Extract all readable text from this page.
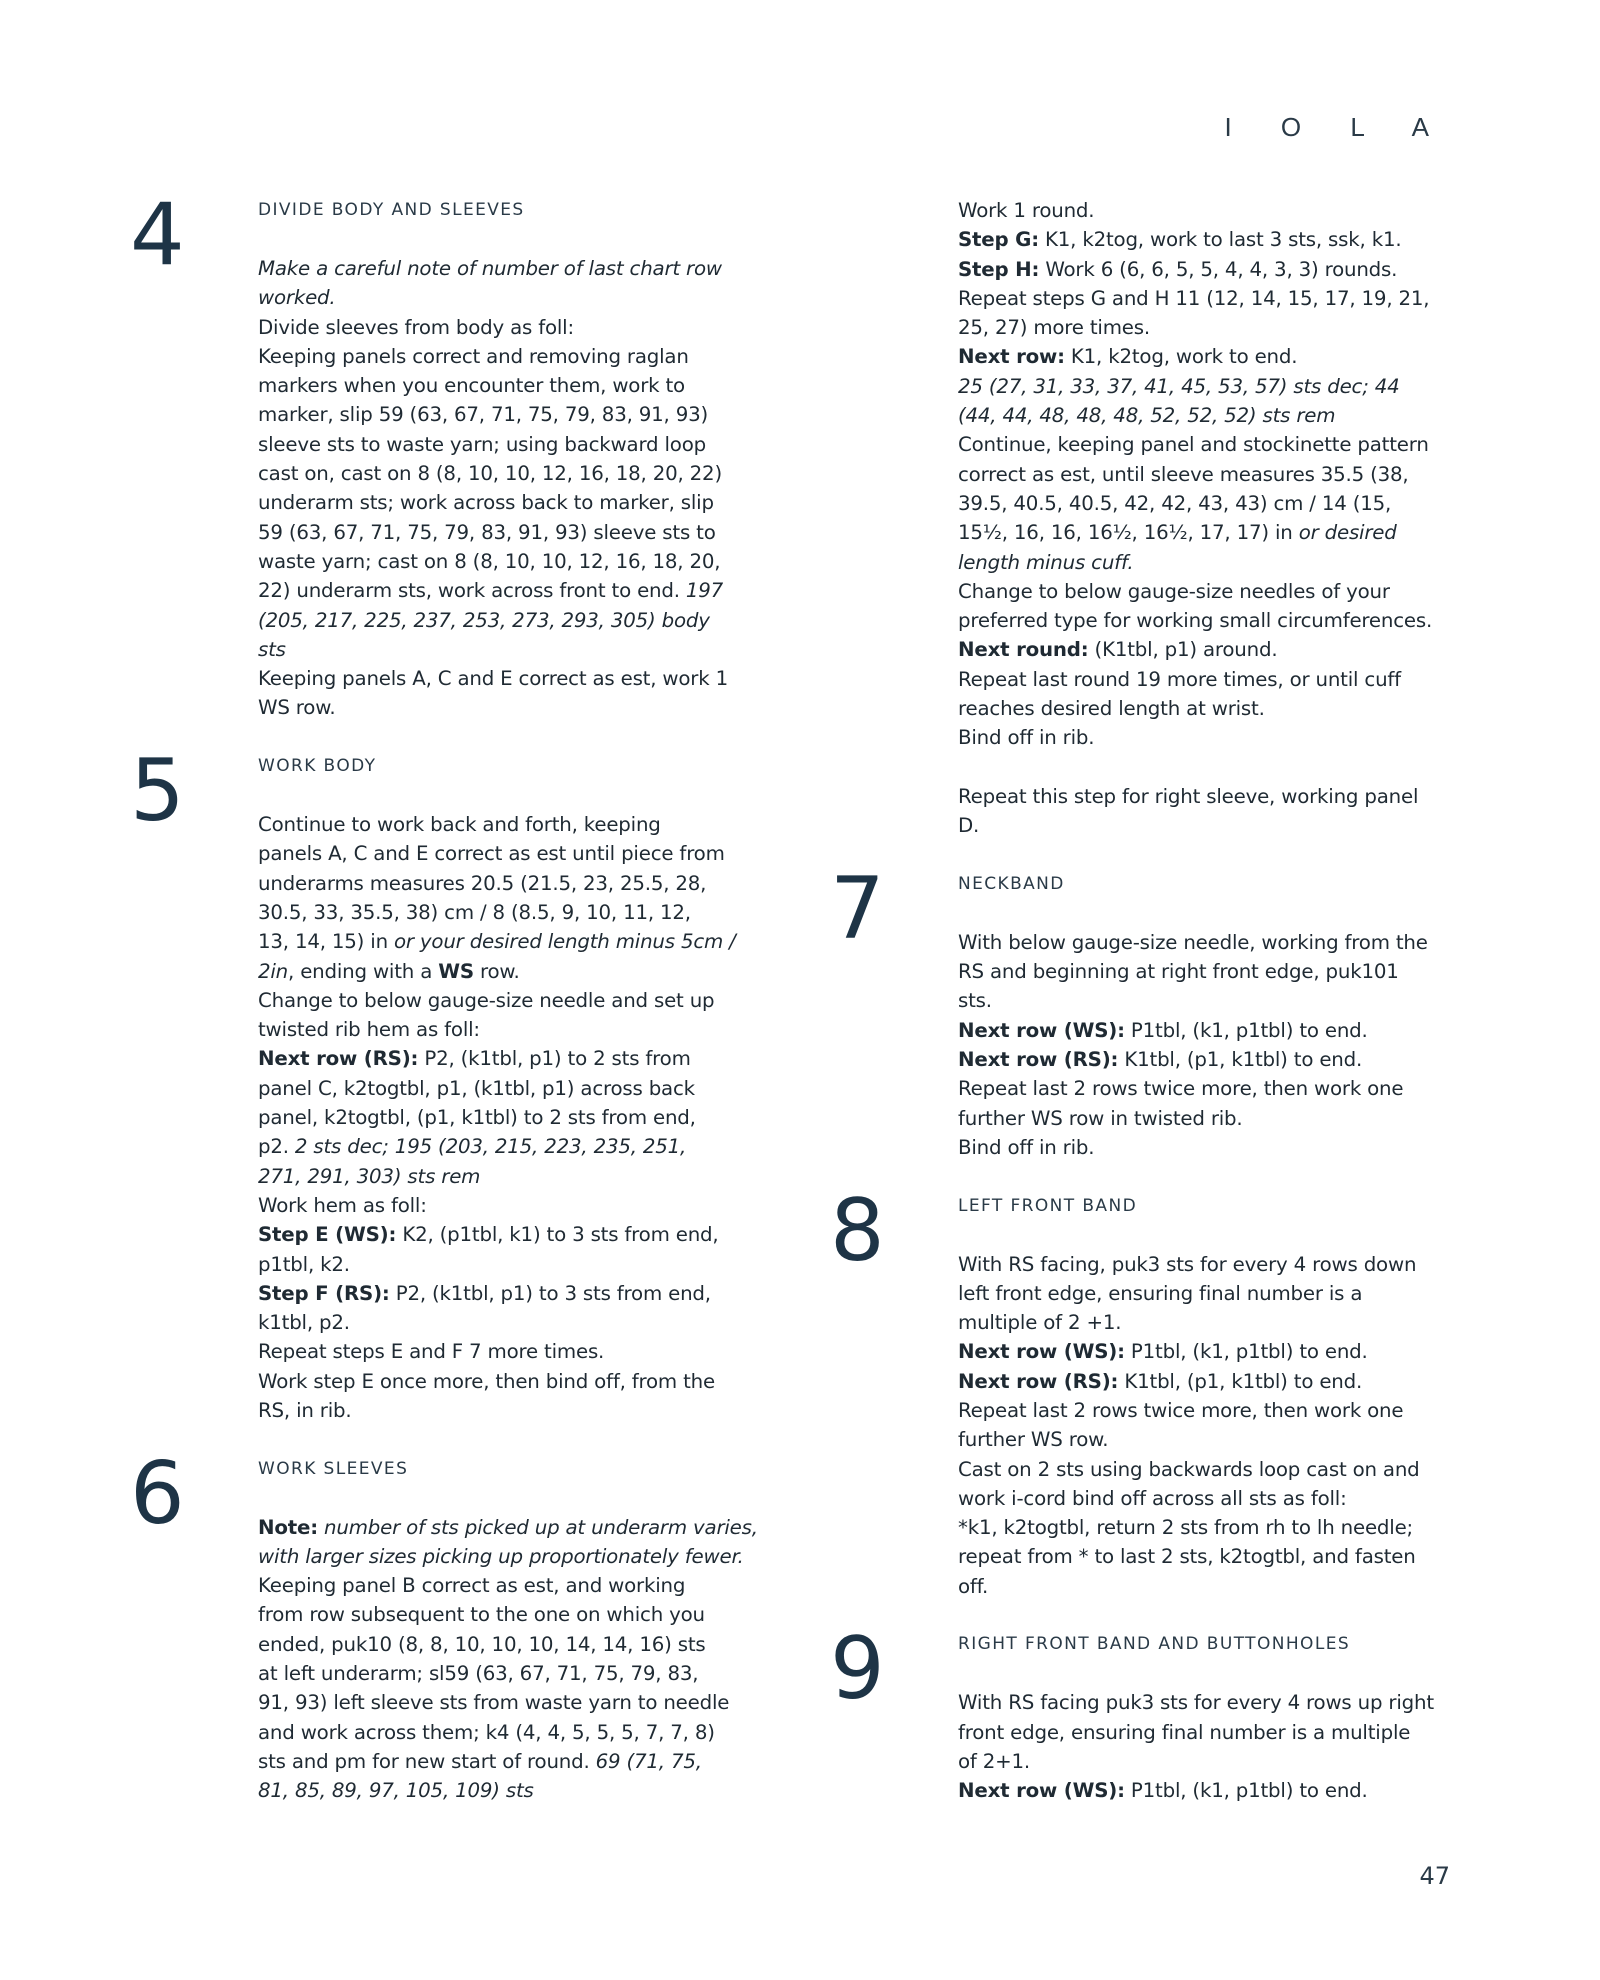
I O L A
4	DIVIDE BODY AND SLEEVES
Make a careful note of number of last chart row
worked.
Divide sleeves from body as foll:
Keeping panels correct and removing raglan
markers when you encounter them, work to
marker, slip 59 (63, 67, 71, 75, 79, 83, 91, 93)
sleeve sts to waste yarn; using backward loop
cast on, cast on 8 (8, 10, 10, 12, 16, 18, 20, 22)
underarm sts; work across back to marker, slip
59 (63, 67, 71, 75, 79, 83, 91, 93) sleeve sts to
waste yarn; cast on 8 (8, 10, 10, 12, 16, 18, 20,
22) underarm sts, work across front to end. 197
(205, 217, 225, 237, 253, 273, 293, 305) body
sts
Keeping panels A, C and E correct as est, work 1
WS row.
5	WORK BODY
Continue to work back and forth, keeping
panels A, C and E correct as est until piece from
underarms measures 20.5 (21.5, 23, 25.5, 28,
30.5, 33, 35.5, 38) cm / 8 (8.5, 9, 10, 11, 12,
13, 14, 15) in or your desired length minus 5cm /
2in, ending with a WS row.
Change to below gauge-size needle and set up
twisted rib hem as foll:
Next row (RS): P2, (k1tbl, p1) to 2 sts from
panel C, k2togtbl, p1, (k1tbl, p1) across back
panel, k2togtbl, (p1, k1tbl) to 2 sts from end,
p2. 2 sts dec; 195 (203, 215, 223, 235, 251,
271, 291, 303) sts rem
Work hem as foll:
Step E (WS): K2, (p1tbl, k1) to 3 sts from end,
p1tbl, k2.
Step F (RS): P2, (k1tbl, p1) to 3 sts from end,
k1tbl, p2.
Repeat steps E and F 7 more times.
Work step E once more, then bind off, from the
RS, in rib.
6	WORK SLEEVES
Note: number of sts picked up at underarm varies,
with larger sizes picking up proportionately fewer.
Keeping panel B correct as est, and working
from row subsequent to the one on which you
ended, puk10 (8, 8, 10, 10, 10, 14, 14, 16) sts
at left underarm; sl59 (63, 67, 71, 75, 79, 83,
91, 93) left sleeve sts from waste yarn to needle
and work across them; k4 (4, 4, 5, 5, 5, 7, 7, 8)
sts and pm for new start of round. 69 (71, 75,
81, 85, 89, 97, 105, 109) sts
Work 1 round.
Step G: K1, k2tog, work to last 3 sts, ssk, k1.
Step H: Work 6 (6, 6, 5, 5, 4, 4, 3, 3) rounds.
Repeat steps G and H 11 (12, 14, 15, 17, 19, 21,
25, 27) more times.
Next row: K1, k2tog, work to end.
25 (27, 31, 33, 37, 41, 45, 53, 57) sts dec; 44
(44, 44, 48, 48, 48, 52, 52, 52) sts rem
Continue, keeping panel and stockinette pattern
correct as est, until sleeve measures 35.5 (38,
39.5, 40.5, 40.5, 42, 42, 43, 43) cm / 14 (15,
15½, 16, 16, 16½, 16½, 17, 17) in or desired
length minus cuff.
Change to below gauge-size needles of your
preferred type for working small circumferences.
Next round: (K1tbl, p1) around.
Repeat last round 19 more times, or until cuff
reaches desired length at wrist.
Bind off in rib.
Repeat this step for right sleeve, working panel
D.
7	NECKBAND
With below gauge-size needle, working from the
RS and beginning at right front edge, puk101
sts.
Next row (WS): P1tbl, (k1, p1tbl) to end.
Next row (RS): K1tbl, (p1, k1tbl) to end.
Repeat last 2 rows twice more, then work one
further WS row in twisted rib.
Bind off in rib.
8	LEFT FRONT BAND
With RS facing, puk3 sts for every 4 rows down
left front edge, ensuring final number is a
multiple of 2 +1.
Next row (WS): P1tbl, (k1, p1tbl) to end.
Next row (RS): K1tbl, (p1, k1tbl) to end.
Repeat last 2 rows twice more, then work one
further WS row.
Cast on 2 sts using backwards loop cast on and
work i-cord bind off across all sts as foll:
*k1, k2togtbl, return 2 sts from rh to lh needle;
repeat from * to last 2 sts, k2togtbl, and fasten
off.
9	RIGHT FRONT BAND AND BUTTONHOLES
With RS facing puk3 sts for every 4 rows up right
front edge, ensuring final number is a multiple
of 2+1.
Next row (WS): P1tbl, (k1, p1tbl) to end.
47
